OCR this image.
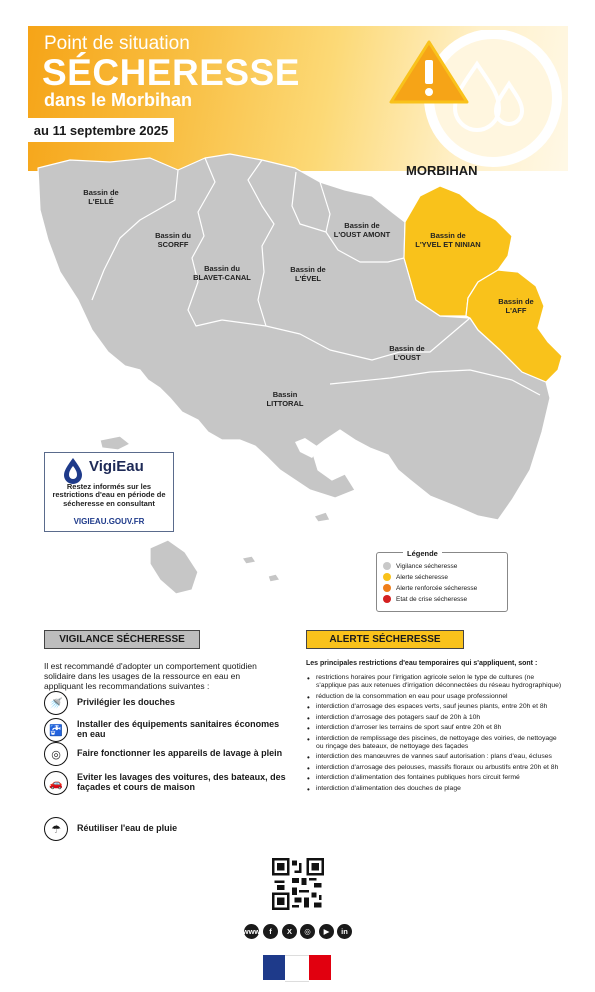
Point de situation
SÉCHERESSE
dans le Morbihan
au 11 septembre 2025
MORBIHAN
Bassin de
L'ELLÉ
Bassin du
SCORFF
Bassin du
BLAVET-CANAL
Bassin de
L'ÉVEL
Bassin de
L'OUST AMONT	Bassin de
L'YVEL ET NINIAN
Bassin de
L'AFF
Bassin de
L'OUST
Bassin
LITTORAL
VigiEau
Restez informés sur les restrictions d'eau en période de sécheresse en consultant
VIGIEAU.GOUV.FR
Légende
Vigilance sécheresse
Alerte sécheresse
Alerte renforcée sécheresse
Etat de crise sécheresse
VIGILANCE SÉCHERESSE
Il est recommandé d'adopter un comportement quotidien solidaire dans les usages de la ressource en eau en appliquant les recommandations suivantes :
🚿	Privilégier les douches
🚰
Installer des équipements sanitaires économes en eau
◎	Faire fonctionner les appareils de lavage à plein
🚗
Eviter les lavages des voitures, des bateaux, des façades et cours de maison
☂	Réutiliser l'eau de pluie
ALERTE SÉCHERESSE
Les principales restrictions d'eau temporaires qui s'appliquent, sont :
• restrictions horaires pour l'irrigation agricole selon le type de cultures (ne s'applique pas aux retenues d'irrigation déconnectées du réseau hydrographique)
• réduction de la consommation en eau pour usage professionnel
• interdiction d'arrosage des espaces verts, sauf jeunes plants, entre 20h et 8h
• interdiction d'arrosage des potagers sauf de 20h à 10h
• interdiction d'arroser les terrains de sport sauf entre 20h et 8h
• interdiction de remplissage des piscines, de nettoyage des voiries, de nettoyage ou rinçage des bateaux, de nettoyage des façades
• interdiction des manœuvres de vannes sauf autorisation : plans d'eau, écluses
• interdiction d'arrosage des pelouses, massifs floraux ou arbustifs entre 20h et 8h
• interdiction d'alimentation des fontaines publiques hors circuit fermé
• interdiction d'alimentation des douches de plage
www	f	X	◎	▶	in
